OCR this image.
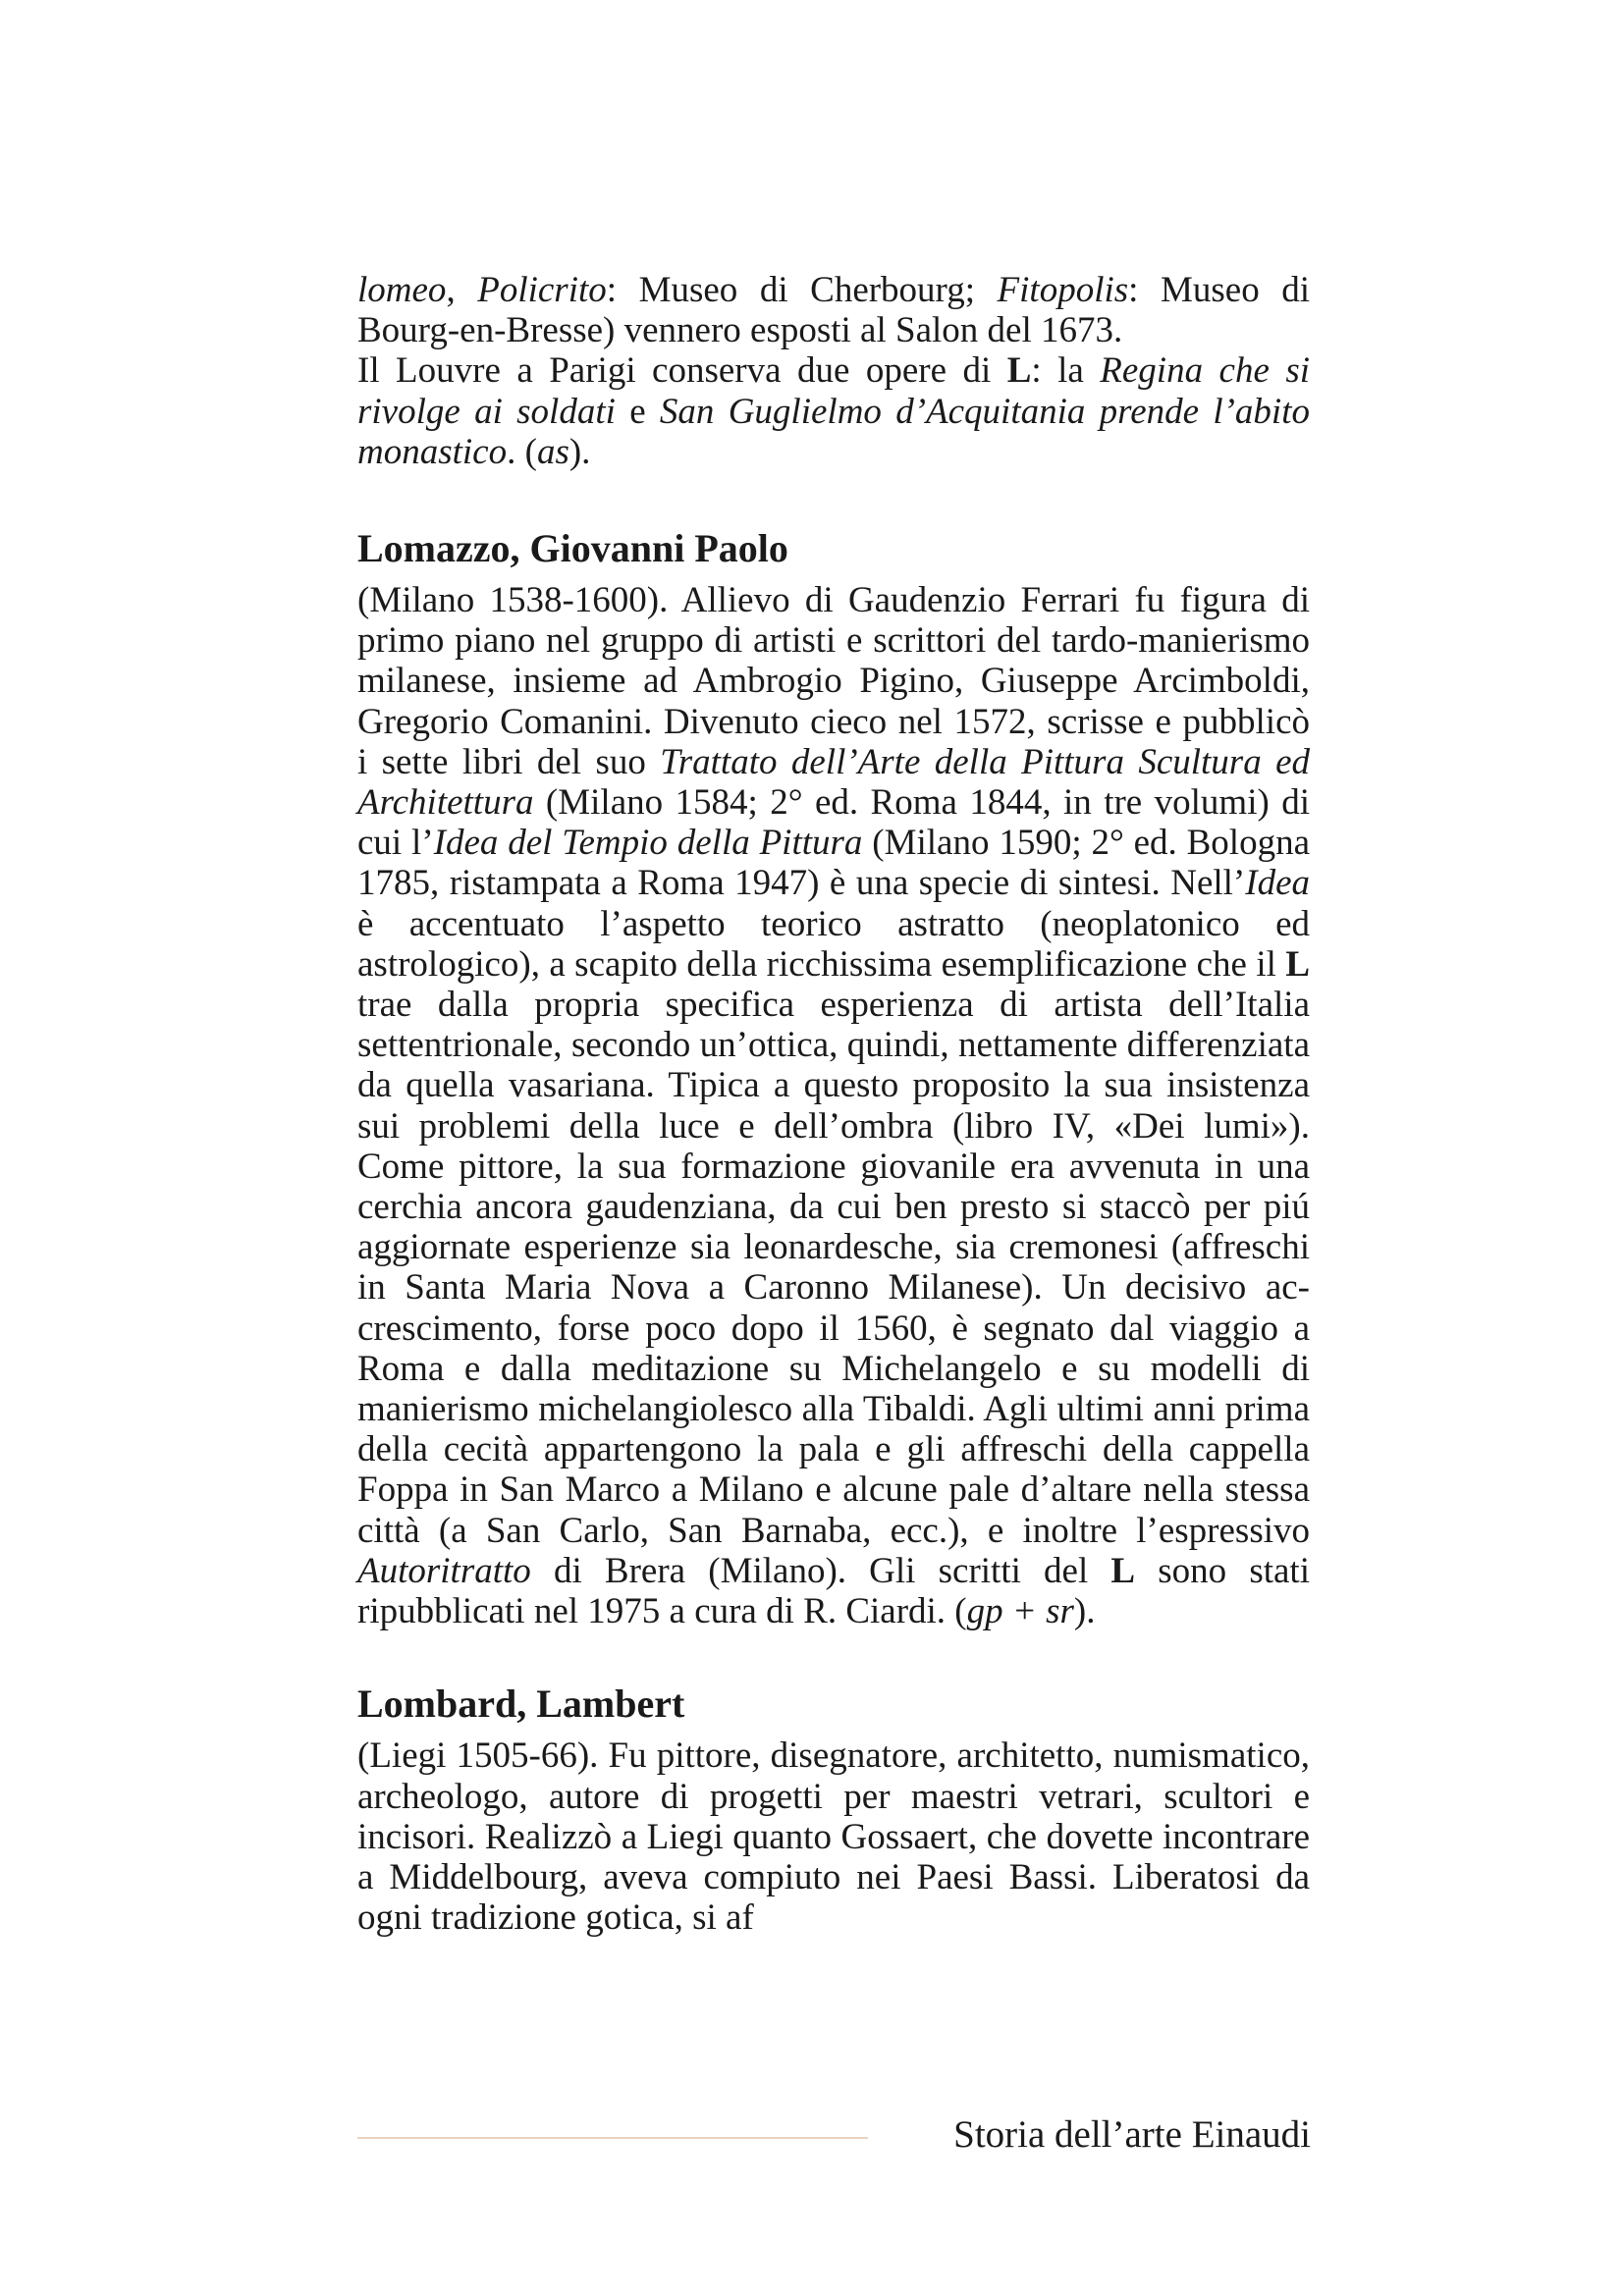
lomeo, Policrito: Museo di Cherbourg; Fitopolis: Museo di Bourg-en-Bresse) vennero esposti al Salon del 1673.
Il Louvre a Parigi conserva due opere di L: la Regina che si rivolge ai soldati e San Guglielmo d’Acquitania prende l’abito monastico. (as).

Lomazzo, Giovanni Paolo

(Milano 1538-1600). Allievo di Gaudenzio Ferrari fu figura di primo piano nel gruppo di artisti e scrittori del tardo-manierismo milanese, insieme ad Ambrogio Pigino, Giuseppe Arcimboldi, Gregorio Comanini. Divenuto cieco nel 1572, scrisse e pubblicò i sette libri del suo Trattato dell’Arte della Pittura Scultura ed Architettura (Milano 1584; 2° ed. Roma 1844, in tre volumi) di cui l’Idea del Tempio della Pittura (Milano 1590; 2° ed. Bologna 1785, ristampata a Roma 1947) è una specie di sintesi. Nell’Idea è accentuato l’aspetto teorico astratto (neoplatonico ed astrologico), a scapito della ricchissima esemplificazione che il L trae dalla propria specifica esperienza di artista dell’Italia settentrionale, secondo un’ottica, quindi, nettamente differenziata da quella vasariana. Tipica a questo proposito la sua insistenza sui problemi della luce e dell’ombra (libro IV, «Dei lumi»). Come pittore, la sua formazione giovanile era avvenuta in una cerchia ancora gaudenziana, da cui ben presto si staccò per piú aggiornate esperienze sia leonardesche, sia cremonesi (affreschi in Santa Maria Nova a Caronno Milanese). Un decisivo accrescimento, forse poco dopo il 1560, è segnato dal viaggio a Roma e dalla meditazione su Michelangelo e su modelli di manierismo michelangiolesco alla Tibaldi. Agli ultimi anni prima della cecità appartengono la pala e gli affreschi della cappella Foppa in San Marco a Milano e alcune pale d’altare nella stessa città (a San Carlo, San Barnaba, ecc.), e inoltre l’espressivo Autoritratto di Brera (Milano). Gli scritti del L sono stati ripubblicati nel 1975 a cura di R. Ciardi. (gp + sr).

Lombard, Lambert

(Liegi 1505-66). Fu pittore, disegnatore, architetto, numismatico, archeologo, autore di progetti per maestri vetrari, scultori e incisori. Realizzò a Liegi quanto Gossaert, che dovette incontrare a Middelbourg, aveva compiuto nei Paesi Bassi. Liberatosi da ogni tradizione gotica, si af

Storia dell’arte Einaudi
